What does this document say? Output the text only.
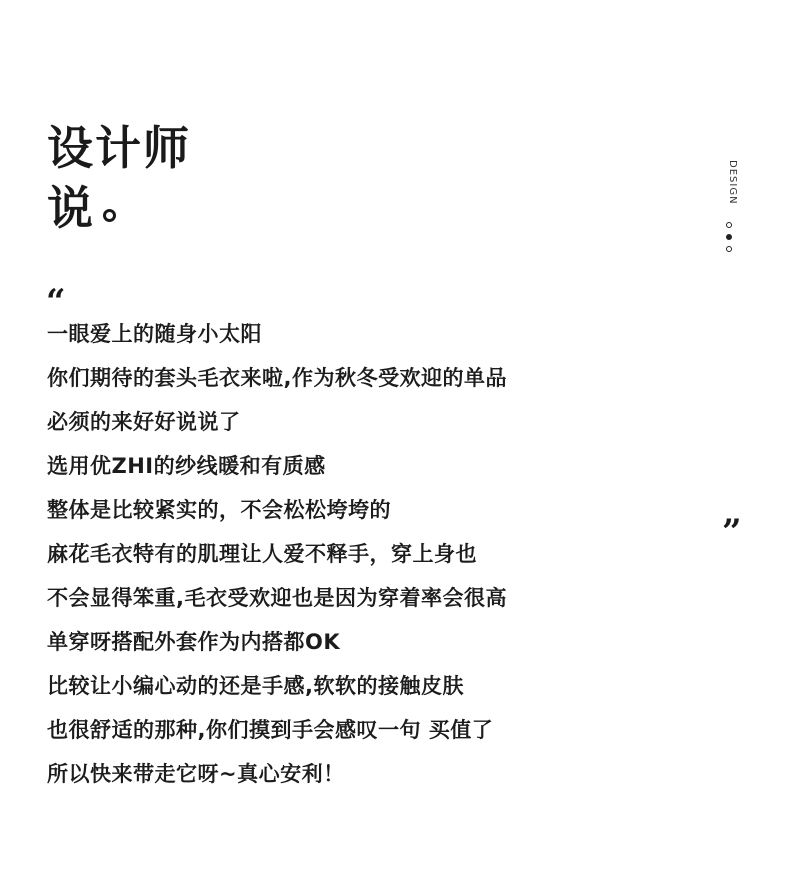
设计师
说	DESIGN
“
一眼爱上的随身小太阳
你们期待的套头毛衣来啦,作为秋冬受欢迎的单品
必须的来好好说说了
选用优ZHI的纱线暖和有质感
整体是比较紧实的，不会松松垮垮的
麻花毛衣特有的肌理让人爱不释手，穿上身也
不会显得笨重,毛衣受欢迎也是因为穿着率会很高
单穿呀搭配外套作为内搭都OK
比较让小编心动的还是手感,软软的接触皮肤
也很舒适的那种,你们摸到手会感叹一句 买值了
所以快来带走它呀~真心安利！
”
